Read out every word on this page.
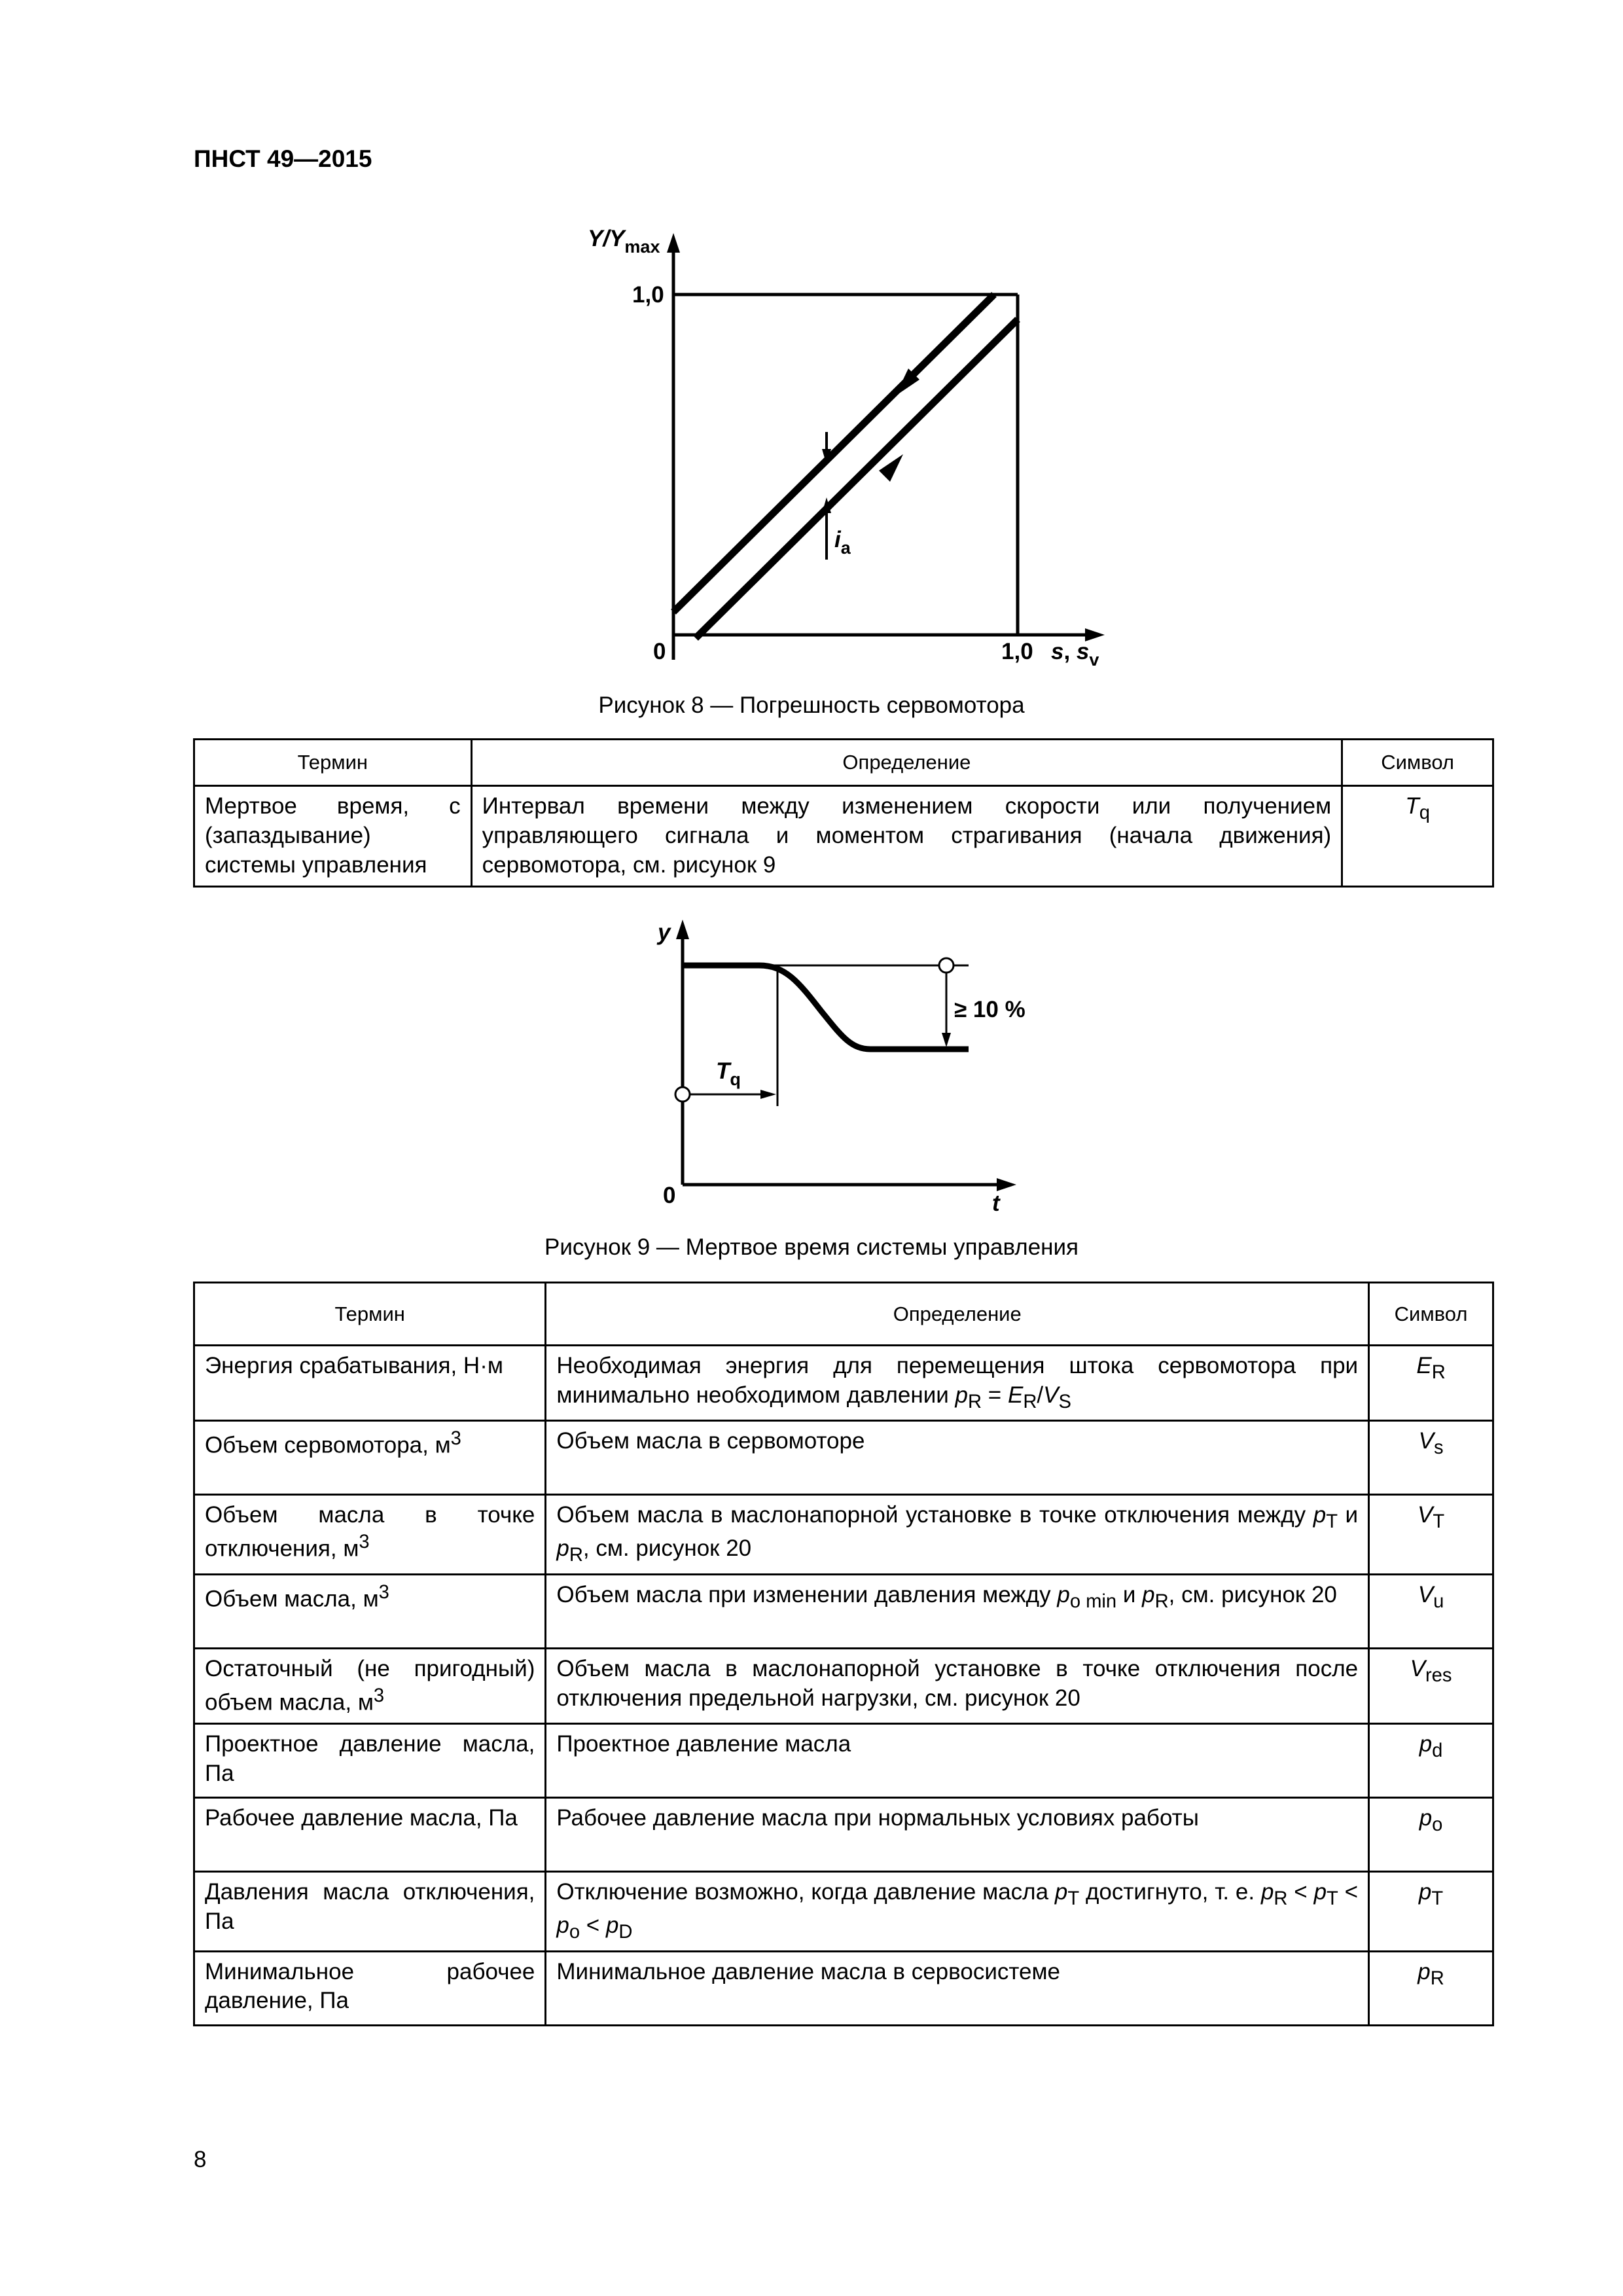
ПНСТ 49—2015
$Y/Y_{max}$
1,0
0	1,0 s, $s_v$
$i_a$
Рисунок 8 — Погрешность сервомотора
Термин	Определение	Символ
Мертвое время, с (запаздывание) системы управления	Интервал времени между изменением скорости или получением управляющего сигнала и моментом страгивания (начала движения) сервомотора, см. рисунок 9	$T_q$
y
t
0
≥ 10 %
$T_q$
Рисунок 9 — Мертвое время системы управления
Термин	Определение	Символ
Энергия срабатывания, Н·м	Необходимая энергия для перемещения штока сервомотора при минимально необходимом давлении $p_R = E_R/V_S$	$E_R$
Объем сервомотора, $м^3$	Объем масла в сервомоторе	$V_s$
Объем масла в точке отключения, $м^3$	Объем масла в маслонапорной установке в точке отключения между $p_T$ и $p_R$, см. рисунок 20	$V_T$
Объем масла, $м^3$	Объем масла при изменении давления между $p_{o min}$ и $p_R$, см. рисунок 20	$V_u$
Остаточный (не пригодный) объем масла, $м^3$	Объем масла в маслонапорной установке в точке отключения после отключения предельной нагрузки, см. рисунок 20	$V_{res}$
Проектное давление масла, Па	Проектное давление масла	$p_d$
Рабочее давление масла, Па	Рабочее давление масла при нормальных условиях работы	$p_o$
Давления масла отключения, Па	Отключение возможно, когда давление масла $p_T$ достигнуто, т. е. $p_R < p_T < p_o < p_D$	$p_T$
Минимальное рабочее давление, Па	Минимальное давление масла в сервосистеме	$p_R$
8
